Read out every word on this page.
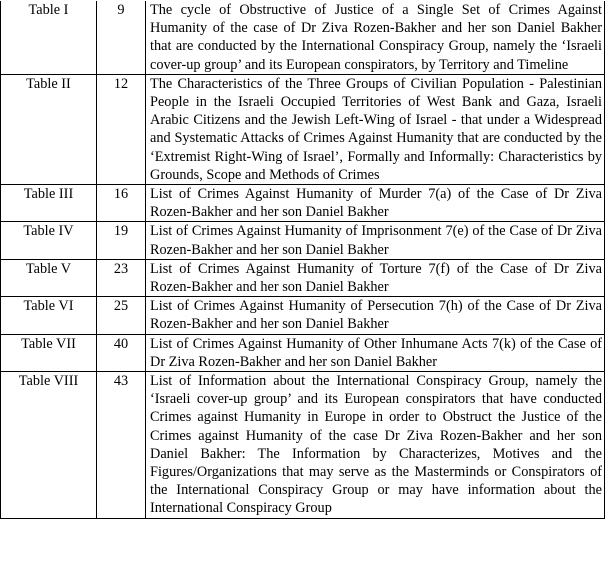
Table I	9	The cycle of Obstructive of Justice of a Single Set of Crimes Against Humanity of the case of Dr Ziva Rozen-Bakher and her son Daniel Bakher that are conducted by the International Conspiracy Group, namely the ‘Israeli cover-up group’ and its European conspirators, by Territory and Timeline
Table II	12	The Characteristics of the Three Groups of Civilian Population - Palestinian People in the Israeli Occupied Territories of West Bank and Gaza, Israeli Arabic Citizens and the Jewish Left-Wing of Israel - that under a Widespread and Systematic Attacks of Crimes Against Humanity that are conducted by the ‘Extremist Right-Wing of Israel’, Formally and Informally: Characteristics by Grounds, Scope and Methods of Crimes
Table III	16	List of Crimes Against Humanity of Murder 7(a) of the Case of Dr Ziva Rozen-Bakher and her son Daniel Bakher
Table IV	19	List of Crimes Against Humanity of Imprisonment 7(e) of the Case of Dr Ziva Rozen-Bakher and her son Daniel Bakher
Table V	23	List of Crimes Against Humanity of Torture 7(f) of the Case of Dr Ziva Rozen-Bakher and her son Daniel Bakher
Table VI	25	List of Crimes Against Humanity of Persecution 7(h) of the Case of Dr Ziva Rozen-Bakher and her son Daniel Bakher
Table VII	40	List of Crimes Against Humanity of Other Inhumane Acts 7(k) of the Case of Dr Ziva Rozen-Bakher and her son Daniel Bakher
Table VIII	43	List of Information about the International Conspiracy Group, namely the ‘Israeli cover-up group’ and its European conspirators that have conducted Crimes against Humanity in Europe in order to Obstruct the Justice of the Crimes against Humanity of the case Dr Ziva Rozen-Bakher and her son Daniel Bakher: The Information by Characterizes, Motives and the Figures/Organizations that may serve as the Masterminds or Conspirators of the International Conspiracy Group or may have information about the International Conspiracy Group
